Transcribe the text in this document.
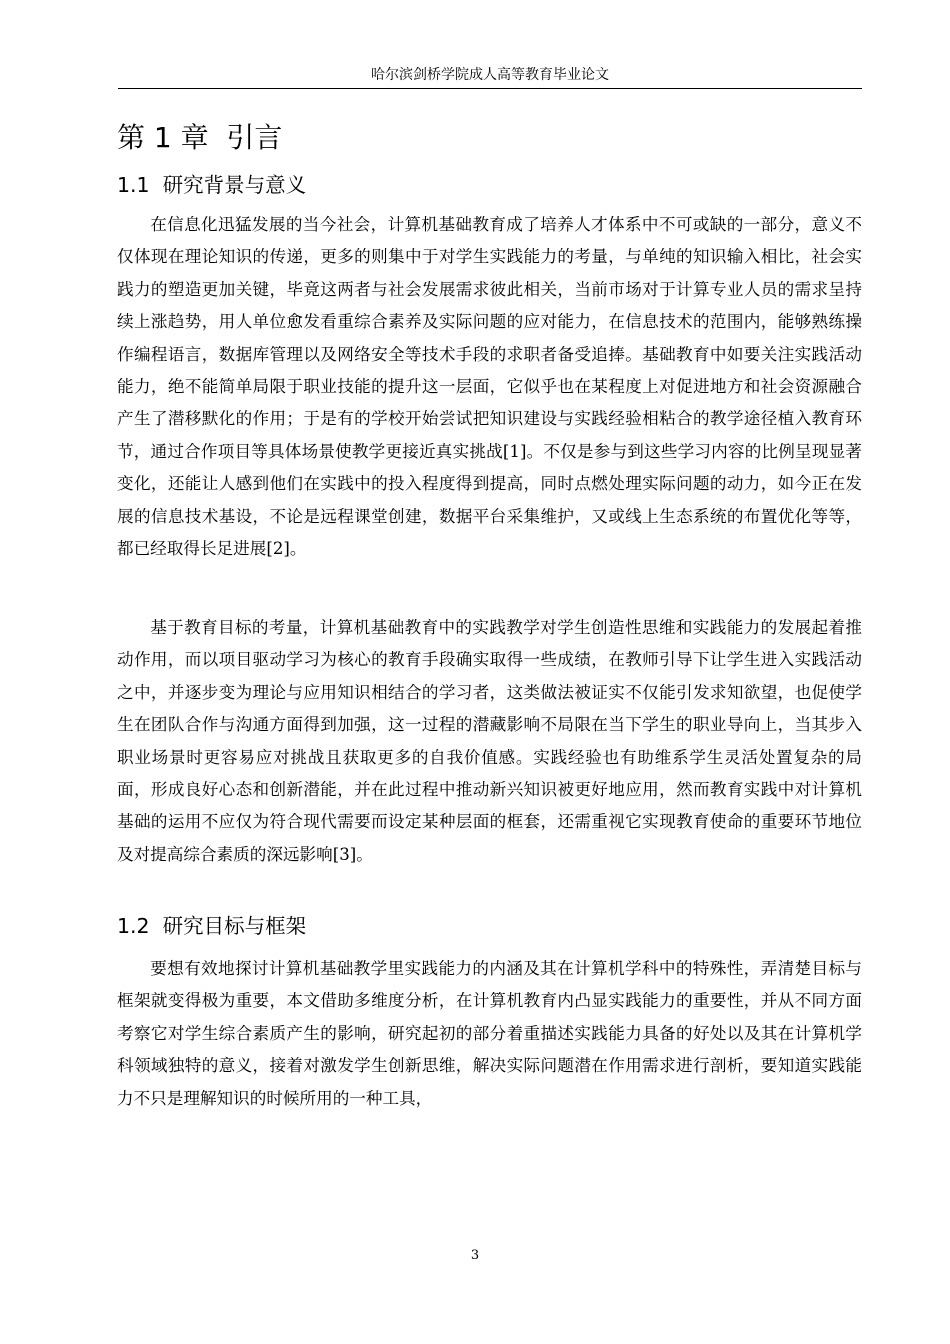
哈尔滨剑桥学院成人高等教育毕业论文
第 1 章  引言
1.1  研究背景与意义

在信息化迅猛发展的当今社会，计算机基础教育成了培养人才体系中不可或缺的一部分，意义不仅体现在理论知识的传递，更多的则集中于对学生实践能力的考量，与单纯的知识输入相比，社会实践力的塑造更加关键，毕竟这两者与社会发展需求彼此相关，当前市场对于计算专业人员的需求呈持续上涨趋势，用人单位愈发看重综合素养及实际问题的应对能力，在信息技术的范围内，能够熟练操作编程语言，数据库管理以及网络安全等技术手段的求职者备受追捧。基础教育中如要关注实践活动能力，绝不能简单局限于职业技能的提升这一层面，它似乎也在某程度上对促进地方和社会资源融合产生了潜移默化的作用；于是有的学校开始尝试把知识建设与实践经验相粘合的教学途径植入教育环节，通过合作项目等具体场景使教学更接近真实挑战[1]。不仅是参与到这些学习内容的比例呈现显著变化，还能让人感到他们在实践中的投入程度得到提高，同时点燃处理实际问题的动力，如今正在发展的信息技术基设，不论是远程课堂创建，数据平台采集维护，又或线上生态系统的布置优化等等，都已经取得长足进展[2]。

基于教育目标的考量，计算机基础教育中的实践教学对学生创造性思维和实践能力的发展起着推动作用，而以项目驱动学习为核心的教育手段确实取得一些成绩，在教师引导下让学生进入实践活动之中，并逐步变为理论与应用知识相结合的学习者，这类做法被证实不仅能引发求知欲望，也促使学生在团队合作与沟通方面得到加强，这一过程的潜藏影响不局限在当下学生的职业导向上，当其步入职业场景时更容易应对挑战且获取更多的自我价值感。实践经验也有助维系学生灵活处置复杂的局面，形成良好心态和创新潜能，并在此过程中推动新兴知识被更好地应用，然而教育实践中对计算机基础的运用不应仅为符合现代需要而设定某种层面的框套，还需重视它实现教育使命的重要环节地位及对提高综合素质的深远影响[3]。

1.2  研究目标与框架

要想有效地探讨计算机基础教学里实践能力的内涵及其在计算机学科中的特殊性，弄清楚目标与框架就变得极为重要，本文借助多维度分析，在计算机教育内凸显实践能力的重要性，并从不同方面考察它对学生综合素质产生的影响，研究起初的部分着重描述实践能力具备的好处以及其在计算机学科领域独特的意义，接着对激发学生创新思维，解决实际问题潜在作用需求进行剖析，要知道实践能力不只是理解知识的时候所用的一种工具，

3
